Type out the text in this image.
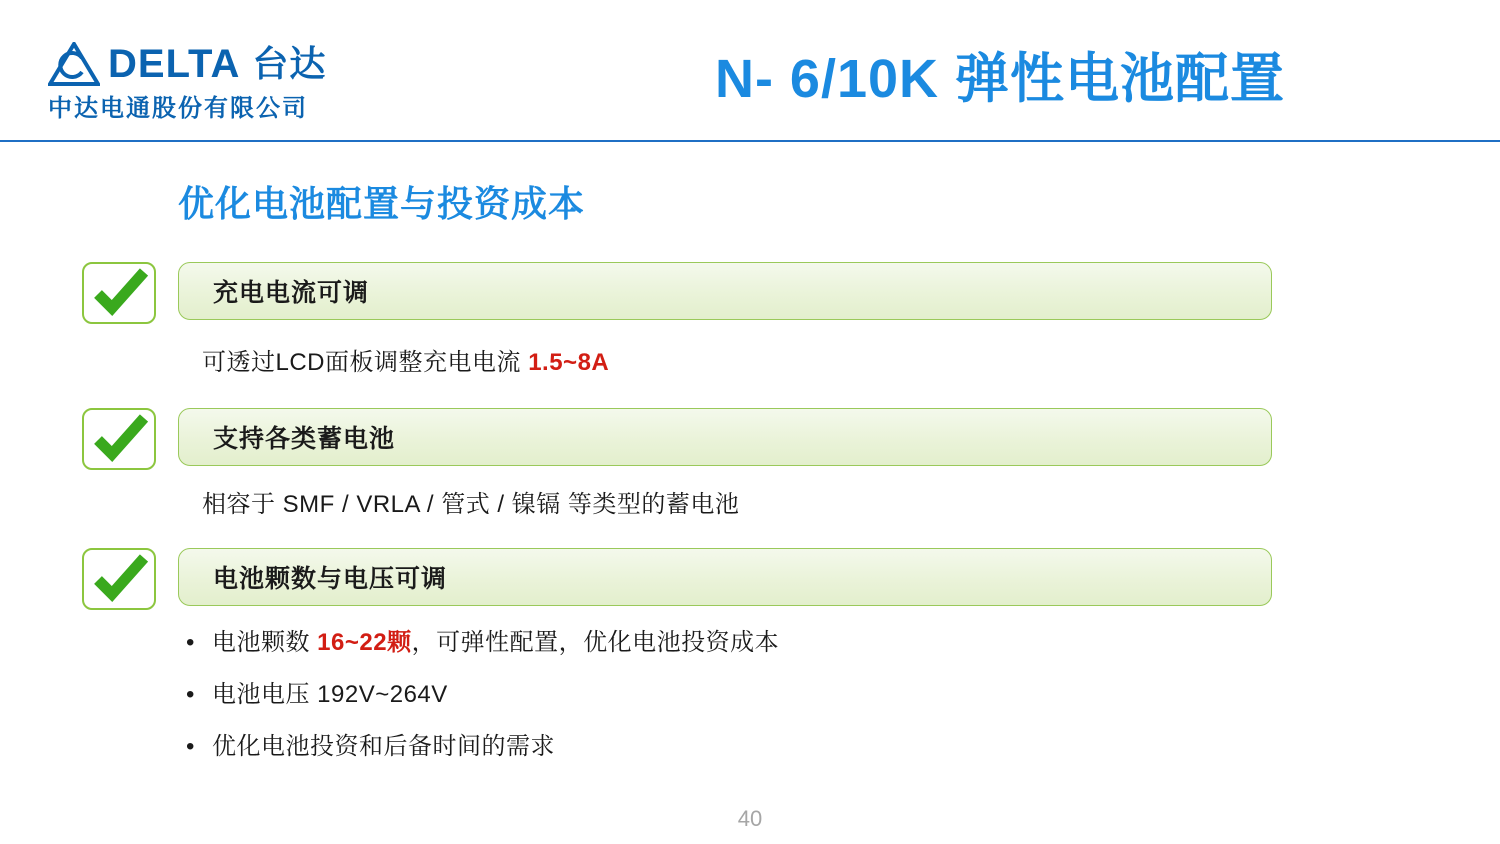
DELTA 台达
中达电通股份有限公司	N- 6/10K 弹性电池配置
优化电池配置与投资成本
充电电流可调
可透过LCD面板调整充电电流 1.5~8A
支持各类蓄电池
相容于 SMF / VRLA / 管式 / 镍镉 等类型的蓄电池
电池颗数与电压可调
• 电池颗数 16~22颗，可弹性配置，优化电池投资成本
• 电池电压 192V~264V
• 优化电池投资和后备时间的需求
40
